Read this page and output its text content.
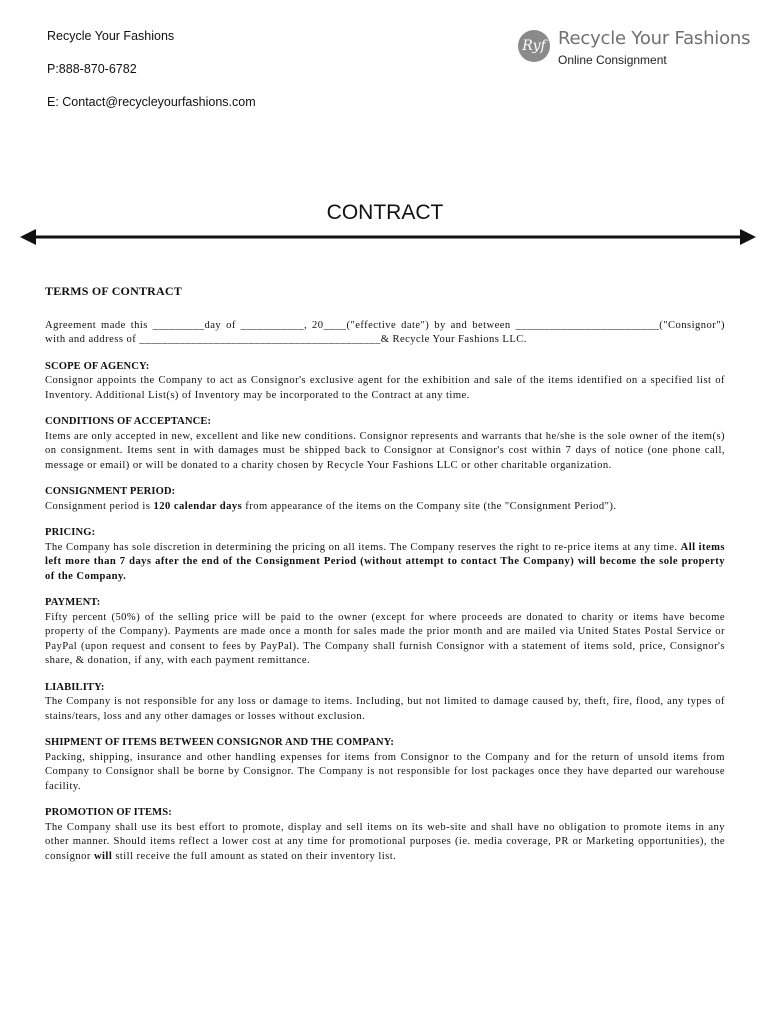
Recycle Your Fashions
P:888-870-6782
E: Contact@recycleyourfashions.com
Ryf Recycle Your Fashions
Online Consignment
CONTRACT

TERMS OF CONTRACT

Agreement made this _________day of ___________, 20____("effective date") by and between _________________________("Consignor") with and address of __________________________________________& Recycle Your Fashions LLC.

SCOPE OF AGENCY:
Consignor appoints the Company to act as Consignor's exclusive agent for the exhibition and sale of the items identified on a specified list of Inventory. Additional List(s) of Inventory may be incorporated to the Contract at any time.

CONDITIONS OF ACCEPTANCE:
Items are only accepted in new, excellent and like new conditions. Consignor represents and warrants that he/she is the sole owner of the item(s) on consignment. Items sent in with damages must be shipped back to Consignor at Consignor's cost within 7 days of notice (one phone call, message or email) or will be donated to a charity chosen by Recycle Your Fashions LLC or other charitable organization.

CONSIGNMENT PERIOD:
Consignment period is 120 calendar days from appearance of the items on the Company site (the "Consignment Period").

PRICING:
The Company has sole discretion in determining the pricing on all items. The Company reserves the right to re-price items at any time. All items left more than 7 days after the end of the Consignment Period (without attempt to contact The Company) will become the sole property of the Company.

PAYMENT:
Fifty percent (50%) of the selling price will be paid to the owner (except for where proceeds are donated to charity or items have become property of the Company). Payments are made once a month for sales made the prior month and are mailed via United States Postal Service or PayPal (upon request and consent to fees by PayPal). The Company shall furnish Consignor with a statement of items sold, price, Consignor's share, & donation, if any, with each payment remittance.

LIABILITY:
The Company is not responsible for any loss or damage to items. Including, but not limited to damage caused by, theft, fire, flood, any types of stains/tears, loss and any other damages or losses without exclusion.

SHIPMENT OF ITEMS BETWEEN CONSIGNOR AND THE COMPANY:
Packing, shipping, insurance and other handling expenses for items from Consignor to the Company and for the return of unsold items from Company to Consignor shall be borne by Consignor. The Company is not responsible for lost packages once they have departed our warehouse facility.

PROMOTION OF ITEMS:
The Company shall use its best effort to promote, display and sell items on its web-site and shall have no obligation to promote items in any other manner. Should items reflect a lower cost at any time for promotional purposes (ie. media coverage, PR or Marketing opportunities), the consignor will still receive the full amount as stated on their inventory list.
